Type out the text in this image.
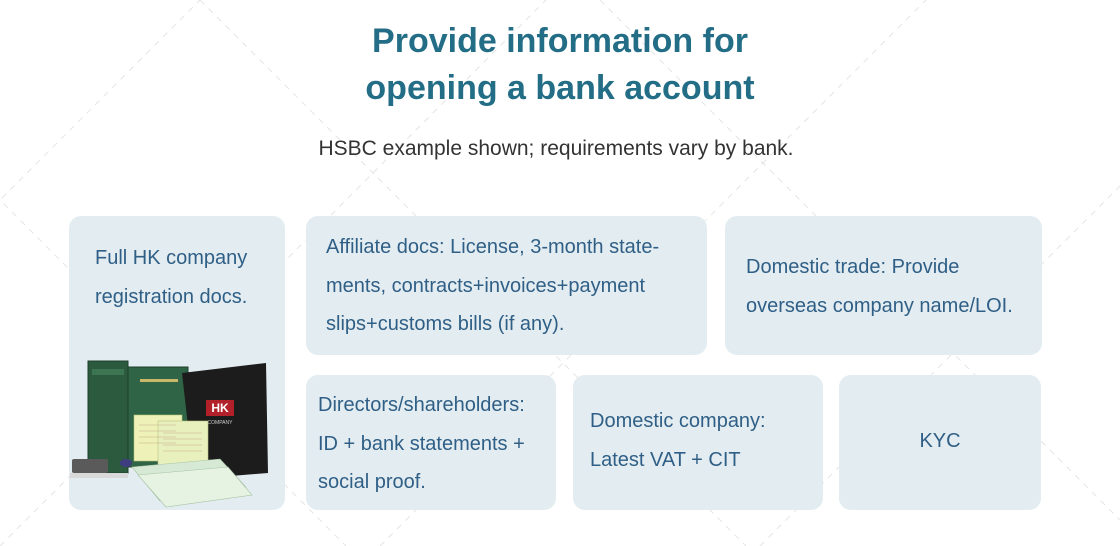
Provide information for
opening a bank account

HSBC example shown; requirements vary by bank.

Full HK company

registration docs.

HK
COMPANY

Affiliate docs: License, 3-month state-

ments, contracts+invoices+payment

slips+customs bills (if any).

Domestic trade: Provide

overseas company name/LOI.

Directors/shareholders:

ID + bank statements +

social proof.

Domestic company:

Latest VAT + CIT

KYC
